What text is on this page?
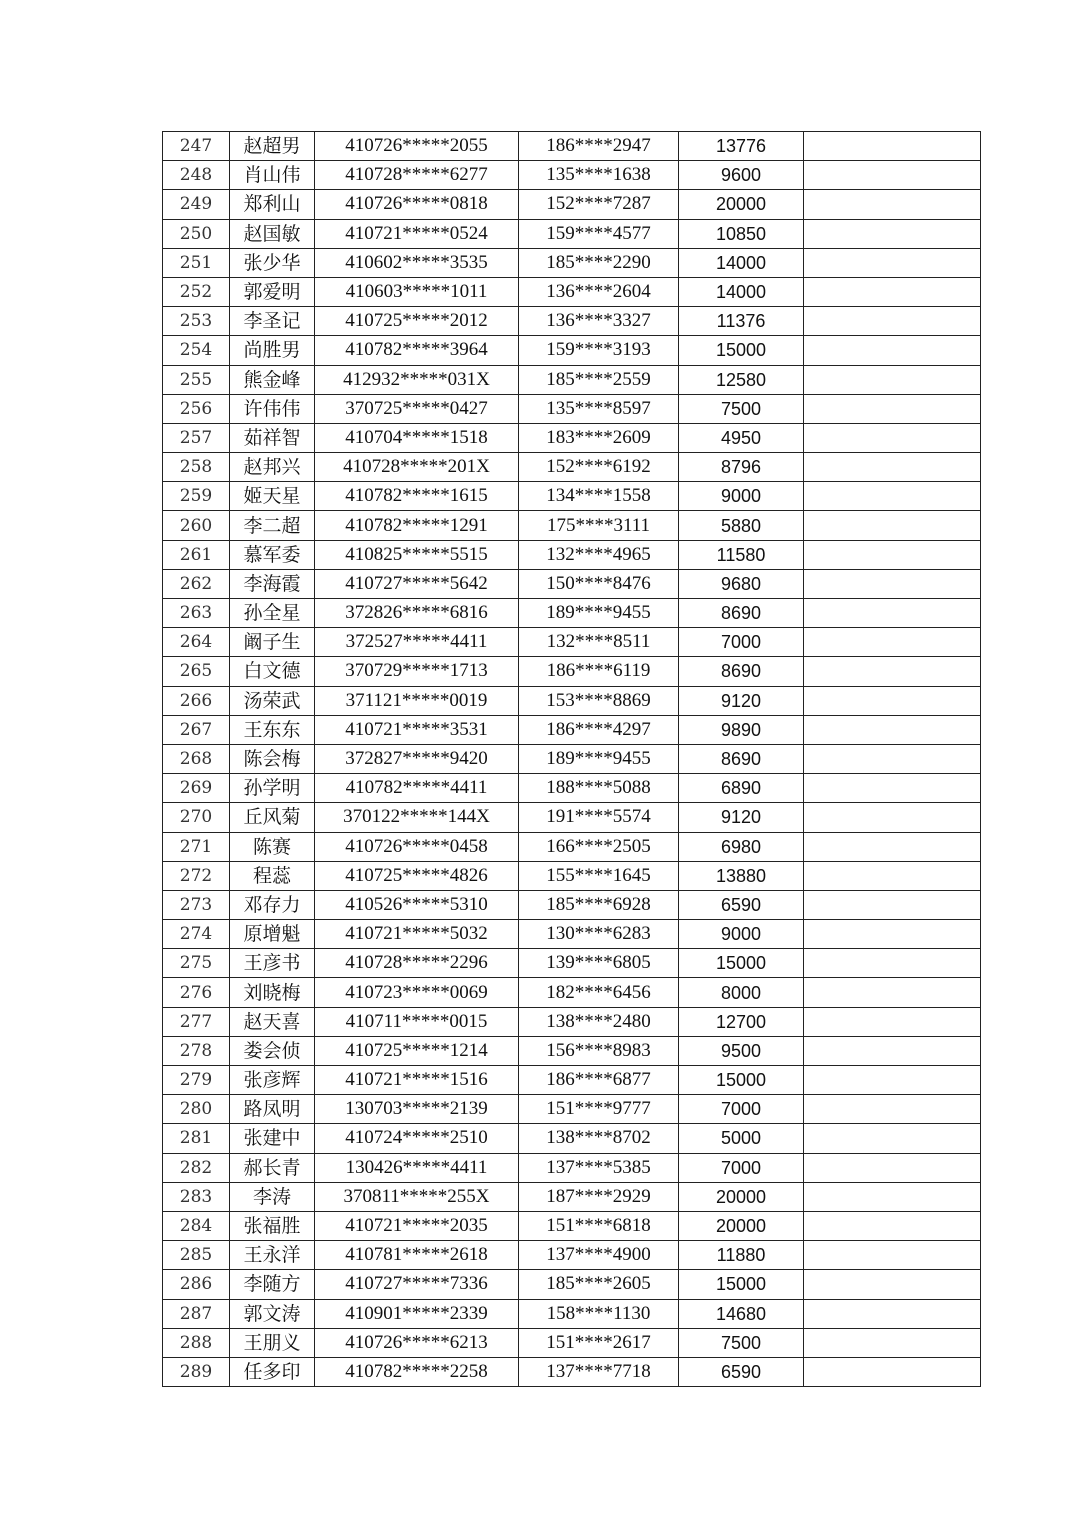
247	赵超男	410726*****2055	186****2947	13776	
248	肖山伟	410728*****6277	135****1638	9600	
249	郑利山	410726*****0818	152****7287	20000	
250	赵国敏	410721*****0524	159****4577	10850	
251	张少华	410602*****3535	185****2290	14000	
252	郭爱明	410603*****1011	136****2604	14000	
253	李圣记	410725*****2012	136****3327	11376	
254	尚胜男	410782*****3964	159****3193	15000	
255	熊金峰	412932*****031X	185****2559	12580	
256	许伟伟	370725*****0427	135****8597	7500	
257	茹祥智	410704*****1518	183****2609	4950	
258	赵邦兴	410728*****201X	152****6192	8796	
259	姬天星	410782*****1615	134****1558	9000	
260	李二超	410782*****1291	175****3111	5880	
261	慕军委	410825*****5515	132****4965	11580	
262	李海霞	410727*****5642	150****8476	9680	
263	孙全星	372826*****6816	189****9455	8690	
264	阚子生	372527*****4411	132****8511	7000	
265	白文德	370729*****1713	186****6119	8690	
266	汤荣武	371121*****0019	153****8869	9120	
267	王东东	410721*****3531	186****4297	9890	
268	陈会梅	372827*****9420	189****9455	8690	
269	孙学明	410782*****4411	188****5088	6890	
270	丘风菊	370122*****144X	191****5574	9120	
271	陈赛	410726*****0458	166****2505	6980	
272	程蕊	410725*****4826	155****1645	13880	
273	邓存力	410526*****5310	185****6928	6590	
274	原增魁	410721*****5032	130****6283	9000	
275	王彦书	410728*****2296	139****6805	15000	
276	刘晓梅	410723*****0069	182****6456	8000	
277	赵天喜	410711*****0015	138****2480	12700	
278	娄会侦	410725*****1214	156****8983	9500	
279	张彦辉	410721*****1516	186****6877	15000	
280	路凤明	130703*****2139	151****9777	7000	
281	张建中	410724*****2510	138****8702	5000	
282	郝长青	130426*****4411	137****5385	7000	
283	李涛	370811*****255X	187****2929	20000	
284	张福胜	410721*****2035	151****6818	20000	
285	王永洋	410781*****2618	137****4900	11880	
286	李随方	410727*****7336	185****2605	15000	
287	郭文涛	410901*****2339	158****1130	14680	
288	王朋义	410726*****6213	151****2617	7500	
289	任多印	410782*****2258	137****7718	6590	
